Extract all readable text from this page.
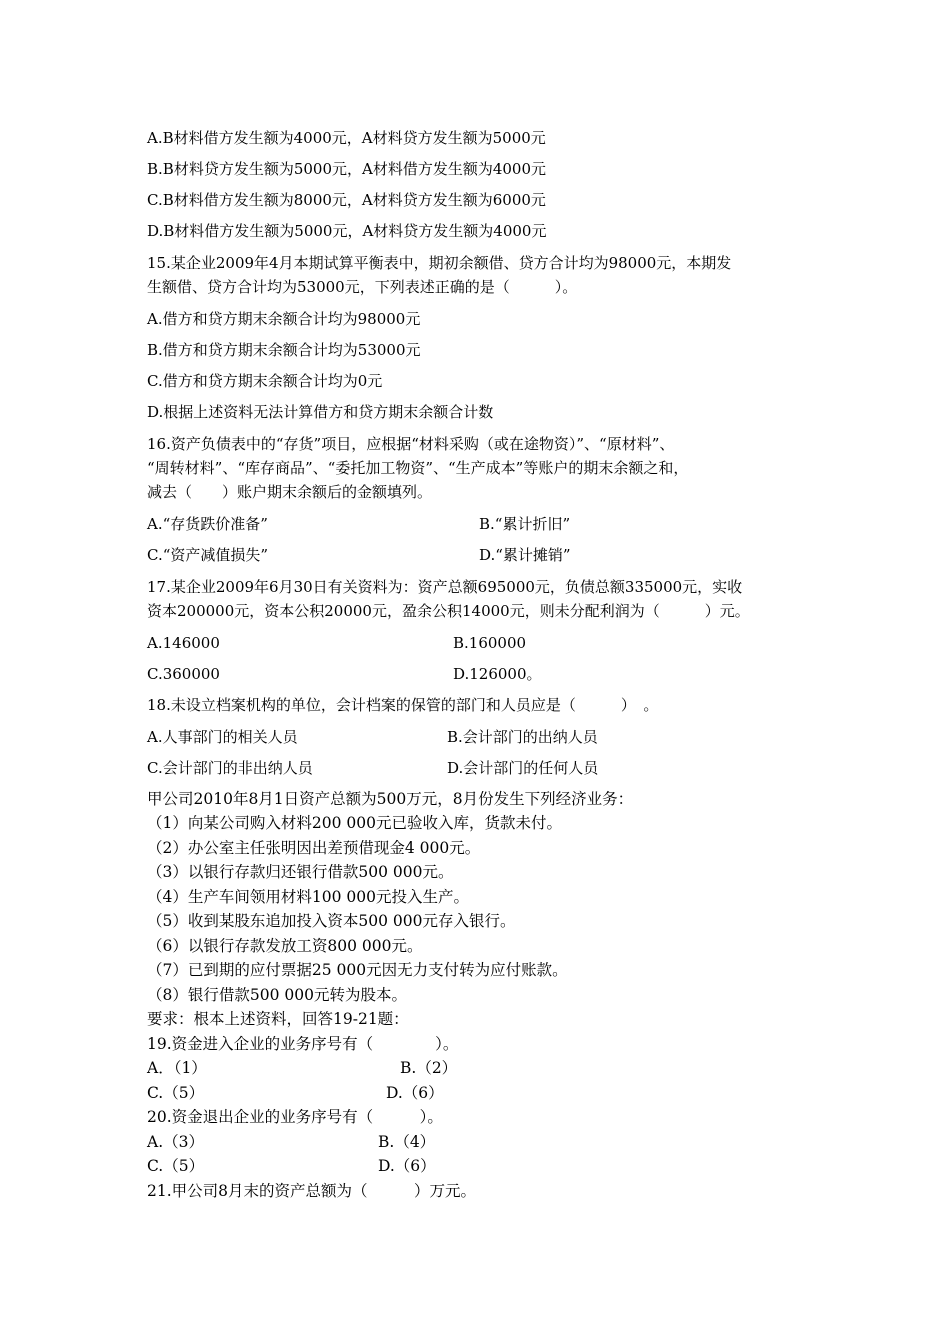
A.B材料借方发生额为4000元，A材料贷方发生额为5000元
B.B材料贷方发生额为5000元，A材料借方发生额为4000元
C.B材料借方发生额为8000元，A材料贷方发生额为6000元
D.B材料借方发生额为5000元，A材料贷方发生额为4000元
15.某企业2009年4月本期试算平衡表中，期初余额借、贷方合计均为98000元，本期发
生额借、贷方合计均为53000元，下列表述正确的是（　　　）。
A.借方和贷方期末余额合计均为98000元
B.借方和贷方期末余额合计均为53000元
C.借方和贷方期末余额合计均为0元
D.根据上述资料无法计算借方和贷方期末余额合计数
16.资产负债表中的“存货”项目，应根据“材料采购（或在途物资）”、“原材料”、
“周转材料”、“库存商品”、“委托加工物资”、“生产成本”等账户的期末余额之和，
减去（　　）账户期末余额后的金额填列。
A.“存货跌价准备”	B.“累计折旧”
C.“资产减值损失”	D.“累计摊销”
17.某企业2009年6月30日有关资料为：资产总额695000元，负债总额335000元，实收
资本200000元，资本公积20000元，盈余公积14000元，则未分配利润为（　　　）元。
A.146000	B.160000
C.360000	D.126000。
18.未设立档案机构的单位，会计档案的保管的部门和人员应是（　　　）　。
A.人事部门的相关人员	B.会计部门的出纳人员
C.会计部门的非出纳人员	D.会计部门的任何人员
甲公司2010年8月1日资产总额为500万元，8月份发生下列经济业务：
（1）向某公司购入材料200 000元已验收入库，货款未付。
（2）办公室主任张明因出差预借现金4 000元。
（3）以银行存款归还银行借款500 000元。
（4）生产车间领用材料100 000元投入生产。
（5）收到某股东追加投入资本500 000元存入银行。
（6）以银行存款发放工资800 000元。
（7）已到期的应付票据25 000元因无力支付转为应付账款。
（8）银行借款500 000元转为股本。
要求：根本上述资料，回答19-21题：
19.资金进入企业的业务序号有（　　　　）。
A．（1）	B.（2）
C.（5）	D.（6）
20.资金退出企业的业务序号有（　　　）。
A.（3）	B.（4）
C.（5）	D.（6）
21.甲公司8月末的资产总额为（　　　）万元。
